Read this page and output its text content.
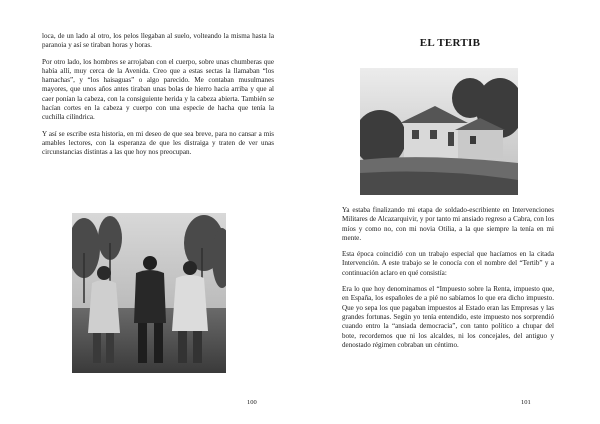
loca, de un lado al otro, los pelos llegaban al suelo, volteando la misma hasta la paranoia y así se tiraban horas y horas.

Por otro lado, los hombres se arrojaban con el cuerpo, sobre unas chumberas que había allí, muy cerca de la Avenida. Creo que a estas sectas la llamaban “los hamachas”, y “los haisaguas” o algo parecido. Me contaban musulmanes mayores, que unos años antes tiraban unas bolas de hierro hacia arriba y que al caer ponían la cabeza, con la consiguiente herida y la cabeza abierta. También se hacían cortes en la cabeza y cuerpo con una especie de hacha que tenía la cuchilla cilíndrica.

Y así se escribe esta historia, en mi deseo de que sea breve, para no cansar a mis amables lectores, con la esperanza de que les distraiga y traten de ver unas circunstancias distintas a las que hoy nos preocupan.

100
EL TERTIB

Ya estaba finalizando mi etapa de soldado-escribiente en Intervenciones Militares de Alcazarquivir, y por tanto mi ansiado regreso a Cabra, con los míos y como no, con mi novia Otilia, a la que siempre la tenía en mi mente.

Esta época coincidió con un trabajo especial que hacíamos en la citada Intervención. A este trabajo se le conocía con el nombre del “Tertib” y a continuación aclaro en qué consistía:

Era lo que hoy denominamos el “Impuesto sobre la Renta, impuesto que, en España, los españoles de a pié no sabíamos lo que era dicho impuesto. Que yo sepa los que pagaban impuestos al Estado eran las Empresas y las grandes fortunas. Según yo tenía entendido, este impuesto nos sorprendió cuando entro la “ansiada democracia”, con tanto político a chupar del bote, recordemos que ni los alcaldes, ni los concejales, del antiguo y denostado régimen cobraban un céntimo.

101
